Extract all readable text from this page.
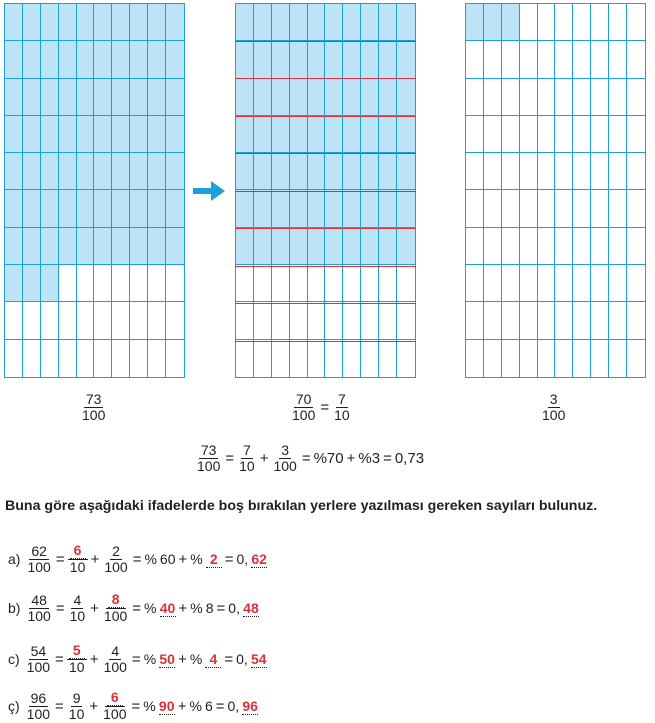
$\frac{73}{100}$	$\frac{70}{100} = \frac{7}{10}$	$\frac{3}{100}$
$\frac{73}{100} = \frac{7}{10} + \frac{3}{100} = \%70 + \%3 = 0,73$
Buna göre aşağıdaki ifadelerde boş bırakılan yerlere yazılması gereken sayıları bulunuz.
$a) \frac{62}{100} = \frac{6}{10} + \frac{2}{100}$ = % 60 + % 2 = 0, 62
$b) \frac{48}{100} = \frac{4}{10} + \frac{8}{100}$ = % 40 + % 8 = 0, 48
$c) \frac{54}{100} = \frac{5}{10} + \frac{4}{100}$ = % 50 + % 4 = 0, 54
ç) $\frac{96}{100} = \frac{9}{10} + \frac{6}{100}$ = % 90 + % 6 = 0, 96
